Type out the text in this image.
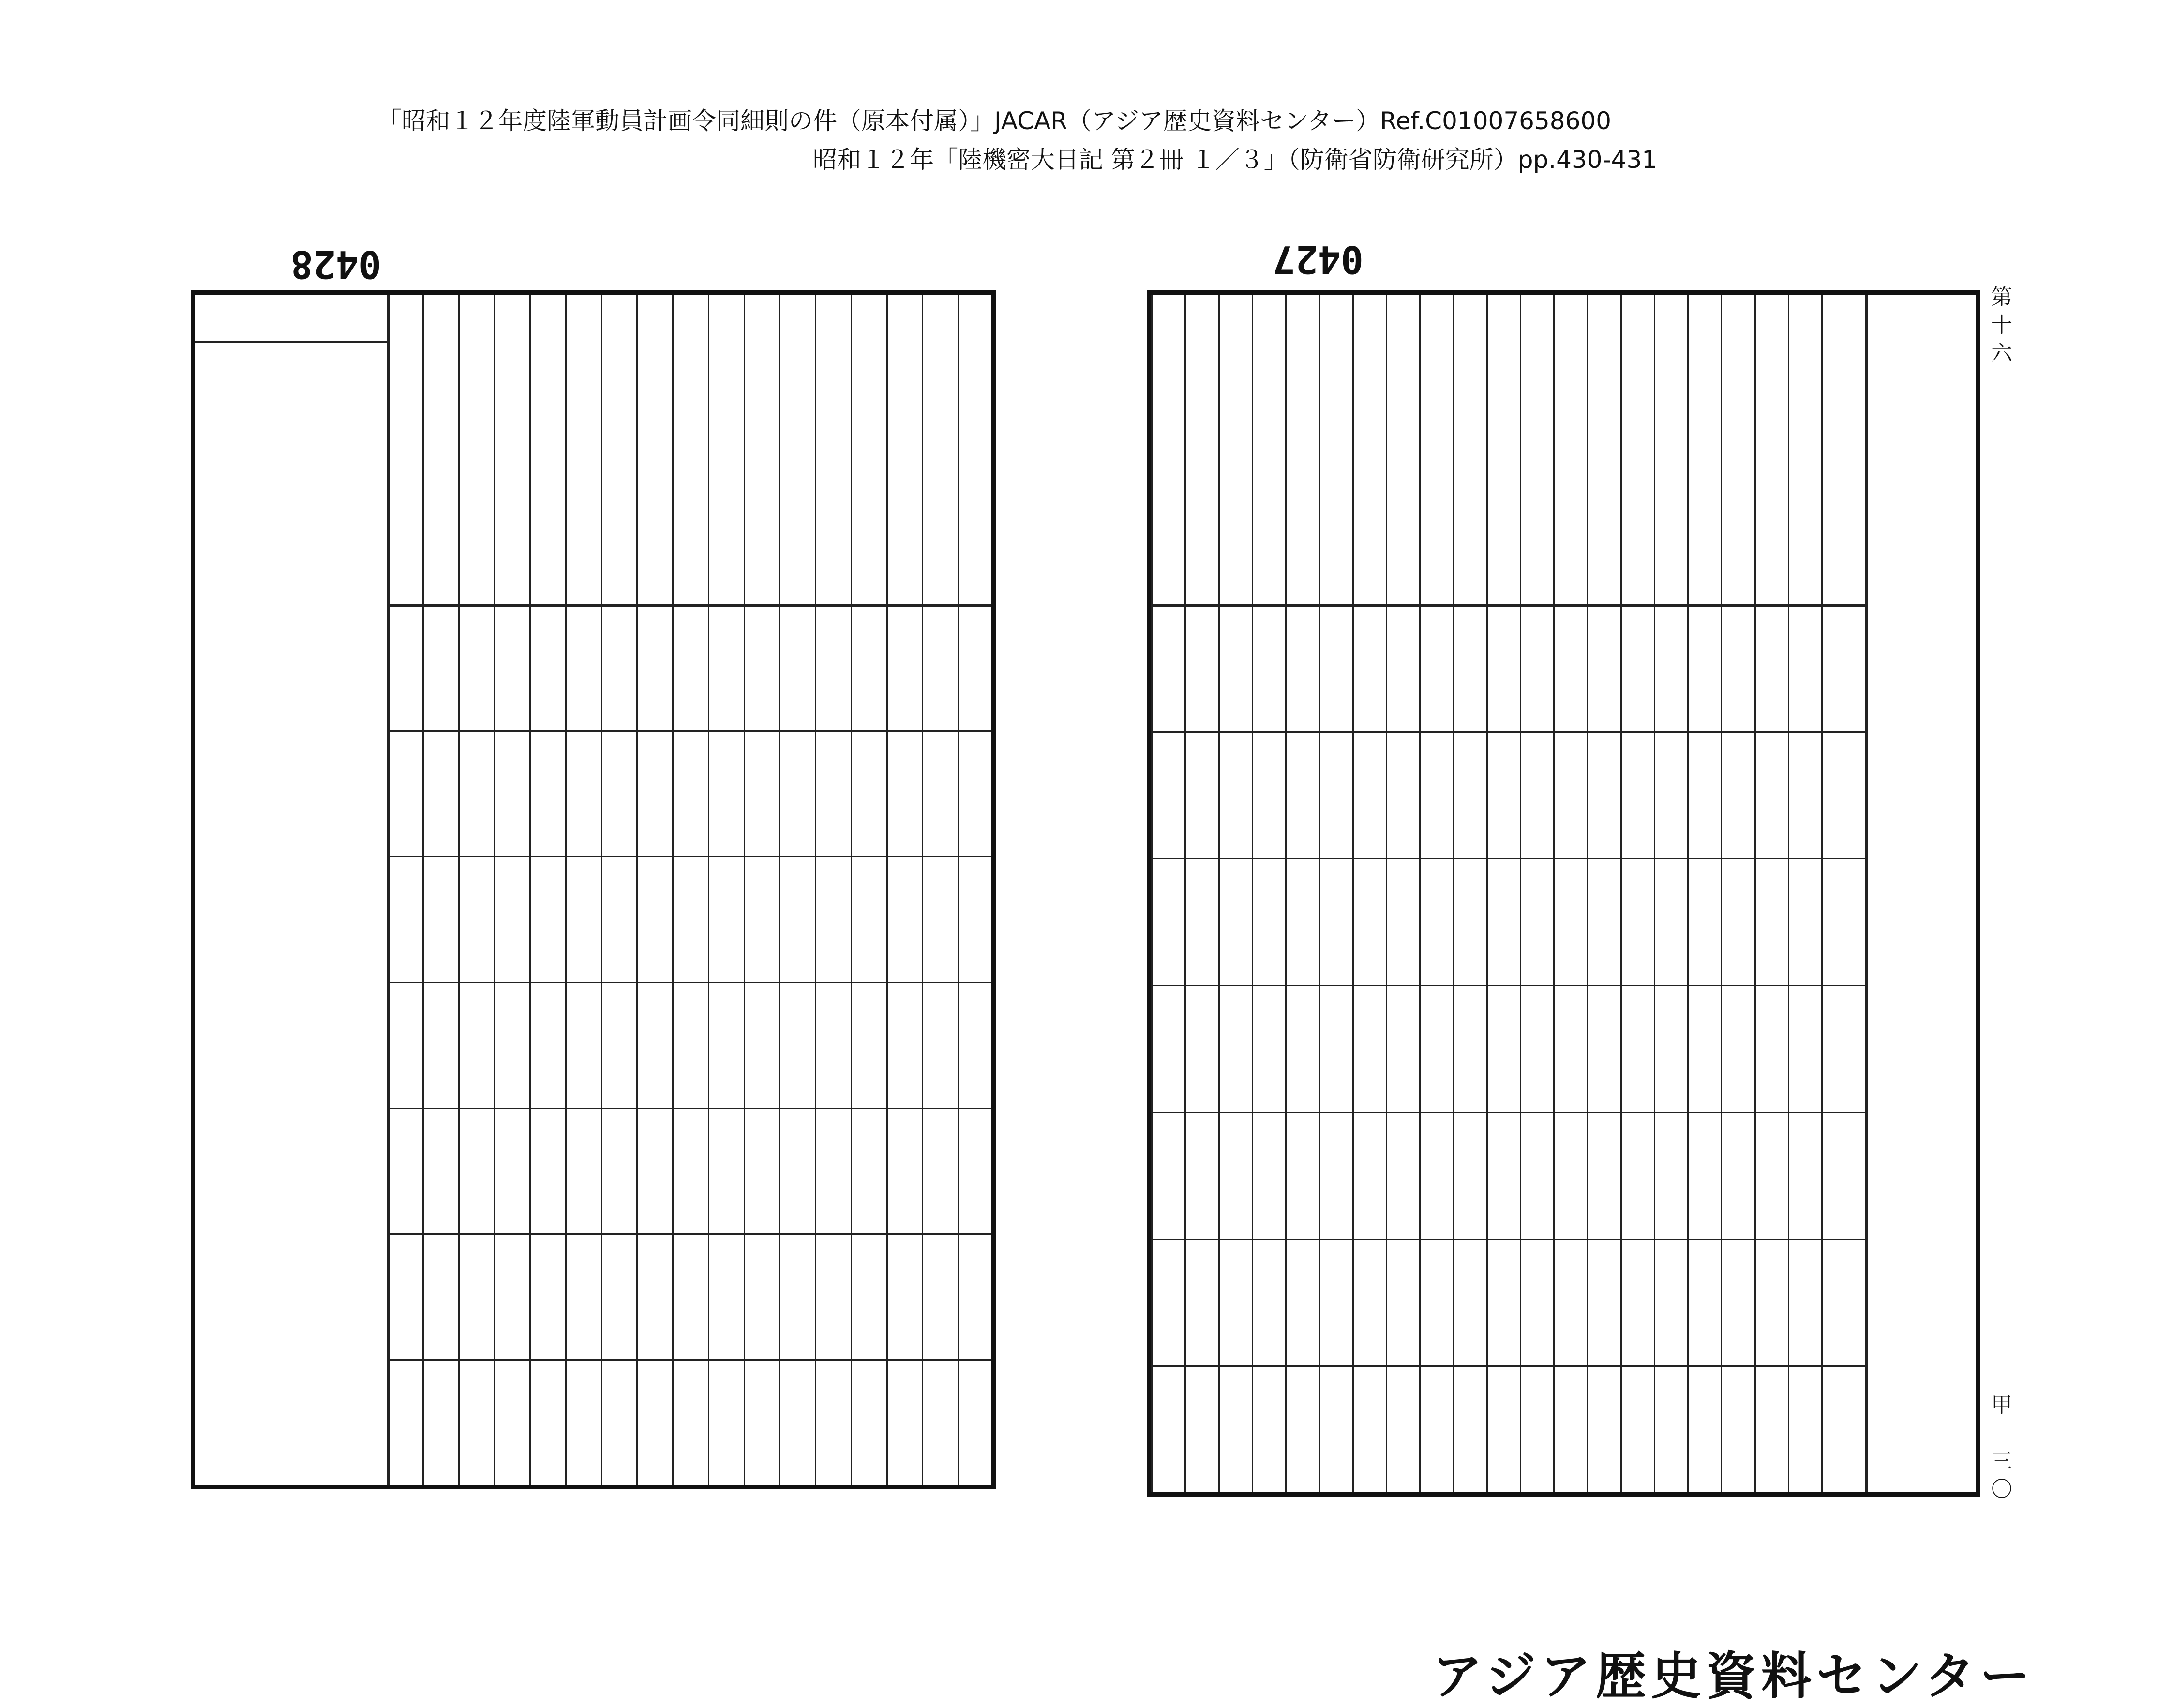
「昭和１２年度陸軍動員計画令同細則の件（原本付属）」JACAR（アジア歴史資料センター）Ref.C01007658600
昭和１２年「陸機密大日記 第２冊 １／３」（防衛省防衛研究所）pp.430-431
0428	0427
第十六
甲　三〇
アジア歴史資料センター
